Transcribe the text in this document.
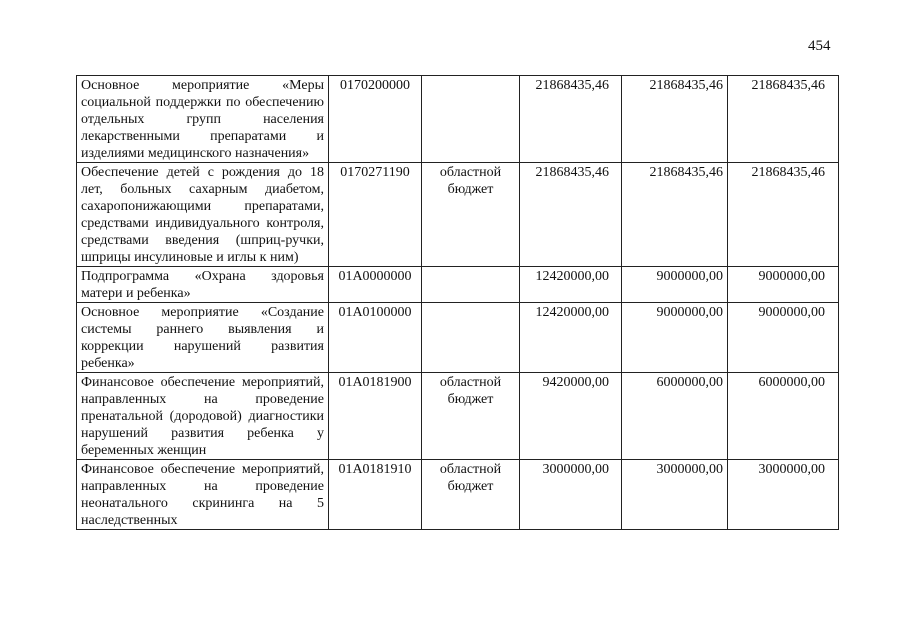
454
Основное мероприятие «Меры социальной поддержки по обеспечению отдельных групп населения лекарственными препаратами и изделиями медицинского назначения»	0170200000		21868435,46	21868435,46	21868435,46
Обеспечение детей с рождения до 18 лет, больных сахарным диабетом, сахаропонижающими препаратами, средствами индивидуального контроля, средствами введения (шприц-ручки, шприцы инсулиновые и иглы к ним)	0170271190	областной бюджет	21868435,46	21868435,46	21868435,46
Подпрограмма «Охрана здоровья матери и ребенка»	01А0000000		12420000,00	9000000,00	9000000,00
Основное мероприятие «Создание системы раннего выявления и коррекции нарушений развития ребенка»	01А0100000		12420000,00	9000000,00	9000000,00
Финансовое обеспечение мероприятий, направленных на проведение пренатальной (дородовой) диагностики нарушений развития ребенка у беременных женщин	01А0181900	областной бюджет	9420000,00	6000000,00	6000000,00
Финансовое обеспечение мероприятий, направленных на проведение неонатального скрининга на 5 наследственных	01А0181910	областной бюджет	3000000,00	3000000,00	3000000,00
